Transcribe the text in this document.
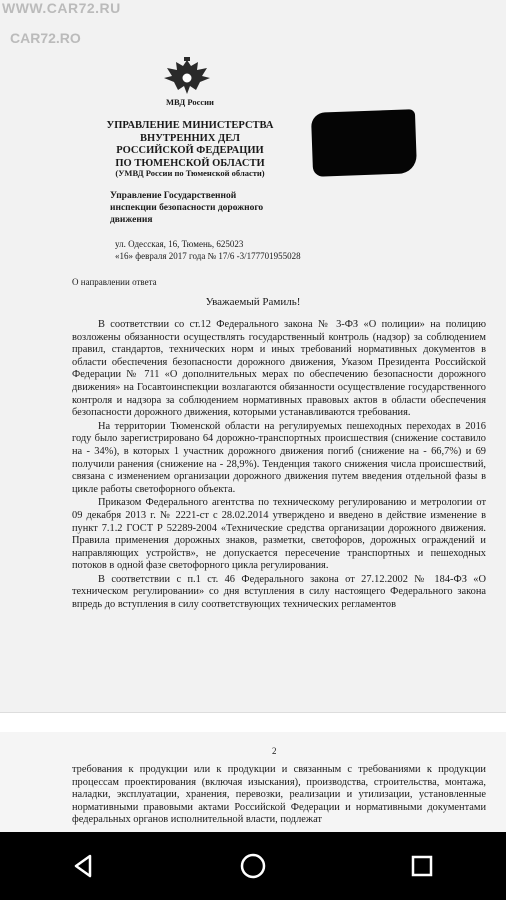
WWW.CAR72.RU
CAR72.RO
МВД России
УПРАВЛЕНИЕ МИНИСТЕРСТВА
ВНУТРЕННИХ ДЕЛ
РОССИЙСКОЙ ФЕДЕРАЦИИ
ПО ТЮМЕНСКОЙ ОБЛАСТИ
(УМВД России по Тюменской области)
Управление Государственной инспекции безопасности дорожного движения
ул. Одесская, 16, Тюмень, 625023
«16» февраля 2017 года № 17/6 -3/177701955028
О направлении ответа
Уважаемый Рамиль!

В соответствии со ст.12 Федерального закона № 3-ФЗ «О полиции» на полицию возложены обязанности осуществлять государственный контроль (надзор) за соблюдением правил, стандартов, технических норм и иных требований нормативных документов в области обеспечения безопасности дорожного движения, Указом Президента Российской Федерации № 711 «О дополнительных мерах по обеспечению безопасности дорожного движения» на Госавтоинспекции возлагаются обязанности осуществление государственного контроля и надзора за соблюдением нормативных правовых актов в области обеспечения безопасности дорожного движения, которыми устанавливаются требования.

На территории Тюменской области на регулируемых пешеходных переходах в 2016 году было зарегистрировано 64 дорожно-транспортных происшествия (снижение составило на - 34%), в которых 1 участник дорожного движения погиб (снижение на - 66,7%) и 69 получили ранения (снижение на - 28,9%). Тенденция такого снижения числа происшествий, связана с изменением организации дорожного движения путем введения отдельной фазы в цикле работы светофорного объекта.

Приказом Федерального агентства по техническому регулированию и метрологии от 09 декабря 2013 г. № 2221-ст с 28.02.2014 утверждено и введено в действие изменение в пункт 7.1.2 ГОСТ Р 52289-2004 «Технические средства организации дорожного движения. Правила применения дорожных знаков, разметки, светофоров, дорожных ограждений и направляющих устройств», не допускается пересечение транспортных и пешеходных потоков в одной фазе светофорного цикла регулирования.

В соответствии с п.1 ст. 46 Федерального закона от 27.12.2002 № 184-ФЗ «О техническом регулировании» со дня вступления в силу настоящего Федерального закона впредь до вступления в силу соответствующих технических регламентов

2

требования к продукции или к продукции и связанным с требованиями к продукции процессам проектирования (включая изыскания), производства, строительства, монтажа, наладки, эксплуатации, хранения, перевозки, реализации и утилизации, установленные нормативными правовыми актами Российской Федерации и нормативными документами федеральных органов исполнительной власти, подлежат
